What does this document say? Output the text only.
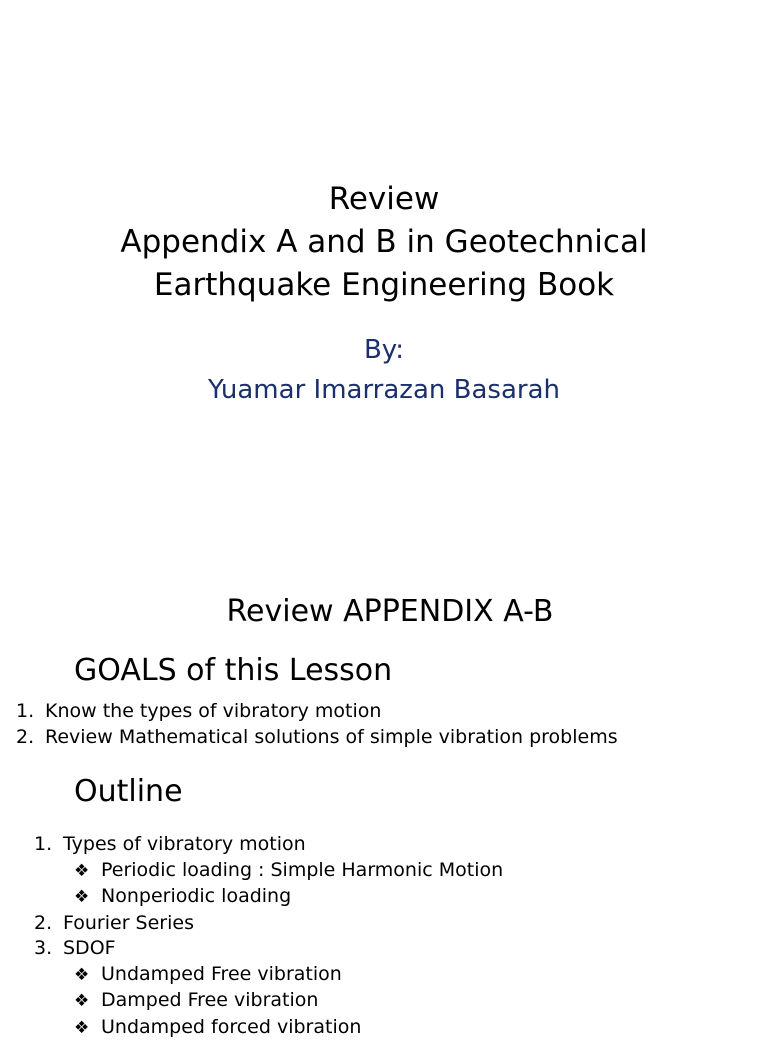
Review
Appendix A and B in Geotechnical
Earthquake Engineering Book
By:
Yuamar Imarrazan Basarah
Review APPENDIX A-B
GOALS of this Lesson
1. Know the types of vibratory motion
2. Review Mathematical solutions of simple vibration problems
Outline
1. Types of vibratory motion
❖ Periodic loading : Simple Harmonic Motion
❖ Nonperiodic loading
2. Fourier Series
3. SDOF
❖ Undamped Free vibration
❖ Damped Free vibration
❖ Undamped forced vibration
